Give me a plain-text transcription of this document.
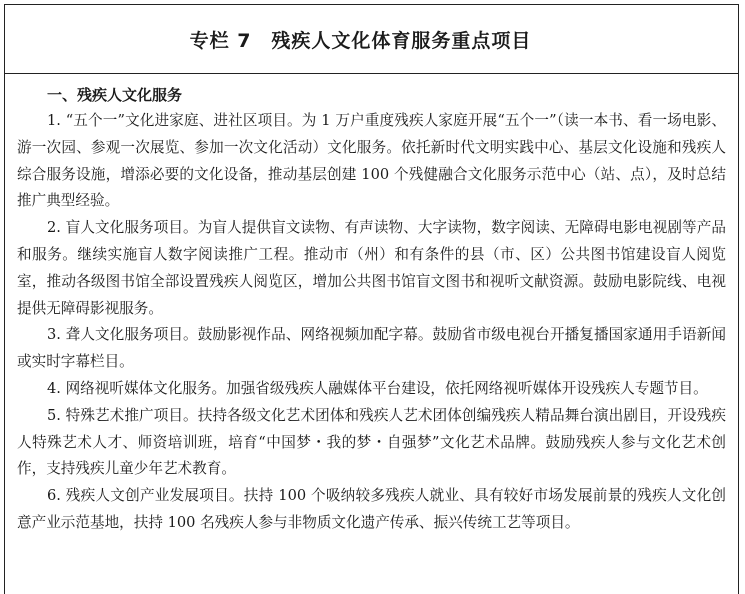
专栏 7　残疾人文化体育服务重点项目
一、残疾人文化服务

1. “五个一”文化进家庭、进社区项目。为 1 万户重度残疾人家庭开展“五个一”（读一本书、看一场电影、游一次园、参观一次展览、参加一次文化活动）文化服务。依托新时代文明实践中心、基层文化设施和残疾人综合服务设施，增添必要的文化设备，推动基层创建 100 个残健融合文化服务示范中心（站、点），及时总结推广典型经验。

2. 盲人文化服务项目。为盲人提供盲文读物、有声读物、大字读物，数字阅读、无障碍电影电视剧等产品和服务。继续实施盲人数字阅读推广工程。推动市（州）和有条件的县（市、区）公共图书馆建设盲人阅览室，推动各级图书馆全部设置残疾人阅览区，增加公共图书馆盲文图书和视听文献资源。鼓励电影院线、电视提供无障碍影视服务。

3. 聋人文化服务项目。鼓励影视作品、网络视频加配字幕。鼓励省市级电视台开播复播国家通用手语新闻或实时字幕栏目。

4. 网络视听媒体文化服务。加强省级残疾人融媒体平台建设，依托网络视听媒体开设残疾人专题节目。

5. 特殊艺术推广项目。扶持各级文化艺术团体和残疾人艺术团体创编残疾人精品舞台演出剧目，开设残疾人特殊艺术人才、师资培训班，培育“中国梦・我的梦・自强梦”文化艺术品牌。鼓励残疾人参与文化艺术创作，支持残疾儿童少年艺术教育。

6. 残疾人文创产业发展项目。扶持 100 个吸纳较多残疾人就业、具有较好市场发展前景的残疾人文化创意产业示范基地，扶持 100 名残疾人参与非物质文化遗产传承、振兴传统工艺等项目。
